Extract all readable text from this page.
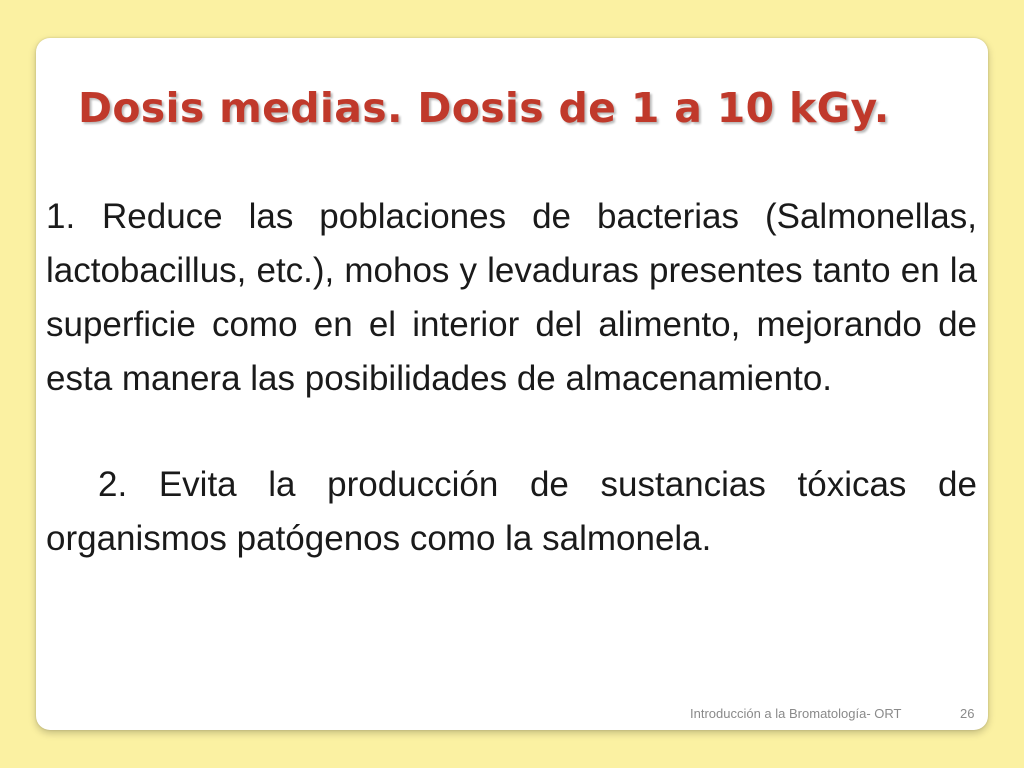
Dosis medias. Dosis de 1 a 10 kGy.

1. Reduce las poblaciones de bacterias (Salmonellas, lactobacillus, etc.), mohos y levaduras presentes tanto en la superficie como en el interior del alimento, mejorando de esta manera las posibilidades de almacenamiento.

2. Evita la producción de sustancias tóxicas de organismos patógenos como la salmonela.

Introducción a la Bromatología- ORT	26
